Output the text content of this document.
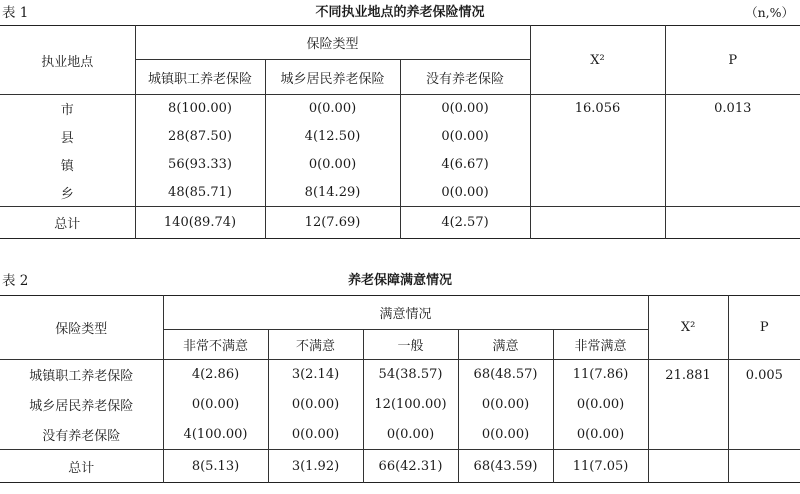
表 1	不同执业地点的养老保险情况	（n,%）
执业地点	保险类型			X²	P
	城镇职工养老保险	城乡居民养老保险	没有养老保险		
市	8(100.00)	0(0.00)	0(0.00)	16.056	0.013
县	28(87.50)	4(12.50)	0(0.00)		
镇	56(93.33)	0(0.00)	4(6.67)		
乡	48(85.71)	8(14.29)	0(0.00)		
总计	140(89.74)	12(7.69)	4(2.57)		
表 2	养老保障满意情况
保险类型	满意情况					X²	P
	非常不满意	不满意	一般	满意	非常满意		
城镇职工养老保险	4(2.86)	3(2.14)	54(38.57)	68(48.57)	11(7.86)	21.881	0.005
城乡居民养老保险	0(0.00)	0(0.00)	12(100.00)	0(0.00)	0(0.00)		
没有养老保险	4(100.00)	0(0.00)	0(0.00)	0(0.00)	0(0.00)		
总计	8(5.13)	3(1.92)	66(42.31)	68(43.59)	11(7.05)		
